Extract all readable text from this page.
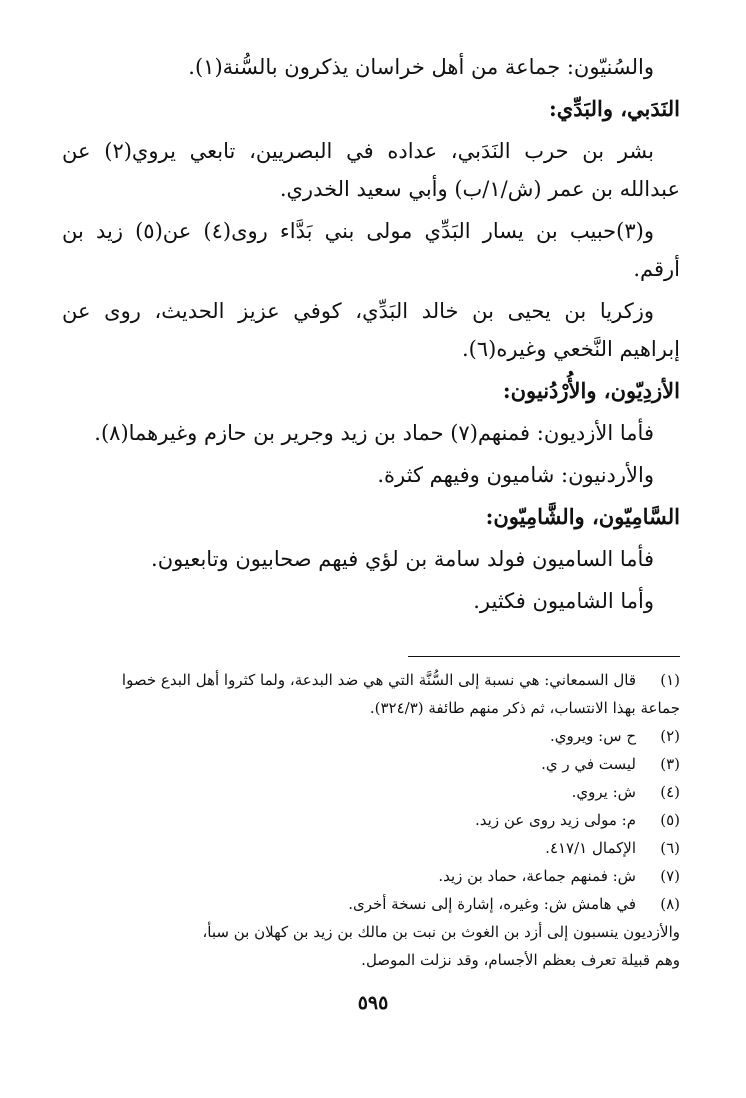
والسُنيّون: جماعة من أهل خراسان يذكرون بالسُّنة(١).

النَدَبي، والبَدِّي:

بشر بن حرب النَدَبي، عداده في البصريين، تابعي يروي(٢) عن

عبدالله بن عمر (ش/١/ب) وأبي سعيد الخدري.

و(٣)حبيب بن يسار البَدِّي مولى بني بَدَّاء روى(٤) عن(٥) زيد بن

أرقم.

وزكريا بن يحيى بن خالد البَدِّي، كوفي عزيز الحديث، روى عن

إبراهيم النَّخعي وغيره(٦).

الأزدِيّون، والأُرْدُنيون:

فأما الأزديون: فمنهم(٧) حماد بن زيد وجرير بن حازم وغيرهما(٨).

والأردنيون: شاميون وفيهم كثرة.

السَّامِيّون، والشَّامِيّون:

فأما الساميون فولد سامة بن لؤي فيهم صحابيون وتابعيون.

وأما الشاميون فكثير.

(١)قال السمعاني: هي نسبة إلى السُّنَّة التي هي ضد البدعة، ولما كثروا أهل البدع خصوا

جماعة بهذا الانتساب، ثم ذكر منهم طائفة (٣٢٤/٣).

(٢)ح س: ويروي.

(٣)ليست في ر ي.

(٤)ش: يروي.

(٥)م: مولى زيد روى عن زيد.

(٦)الإكمال ٤١٧/١.

(٧)ش: فمنهم جماعة، حماد بن زيد.

(٨)في هامش ش: وغيره، إشارة إلى نسخة أخرى.

والأزديون ينسبون إلى أزد بن الغوث بن نبت بن مالك بن زيد بن كهلان بن سبأ،

وهم قبيلة تعرف بعظم الأجسام، وقد نزلت الموصل.

٥٩٥
